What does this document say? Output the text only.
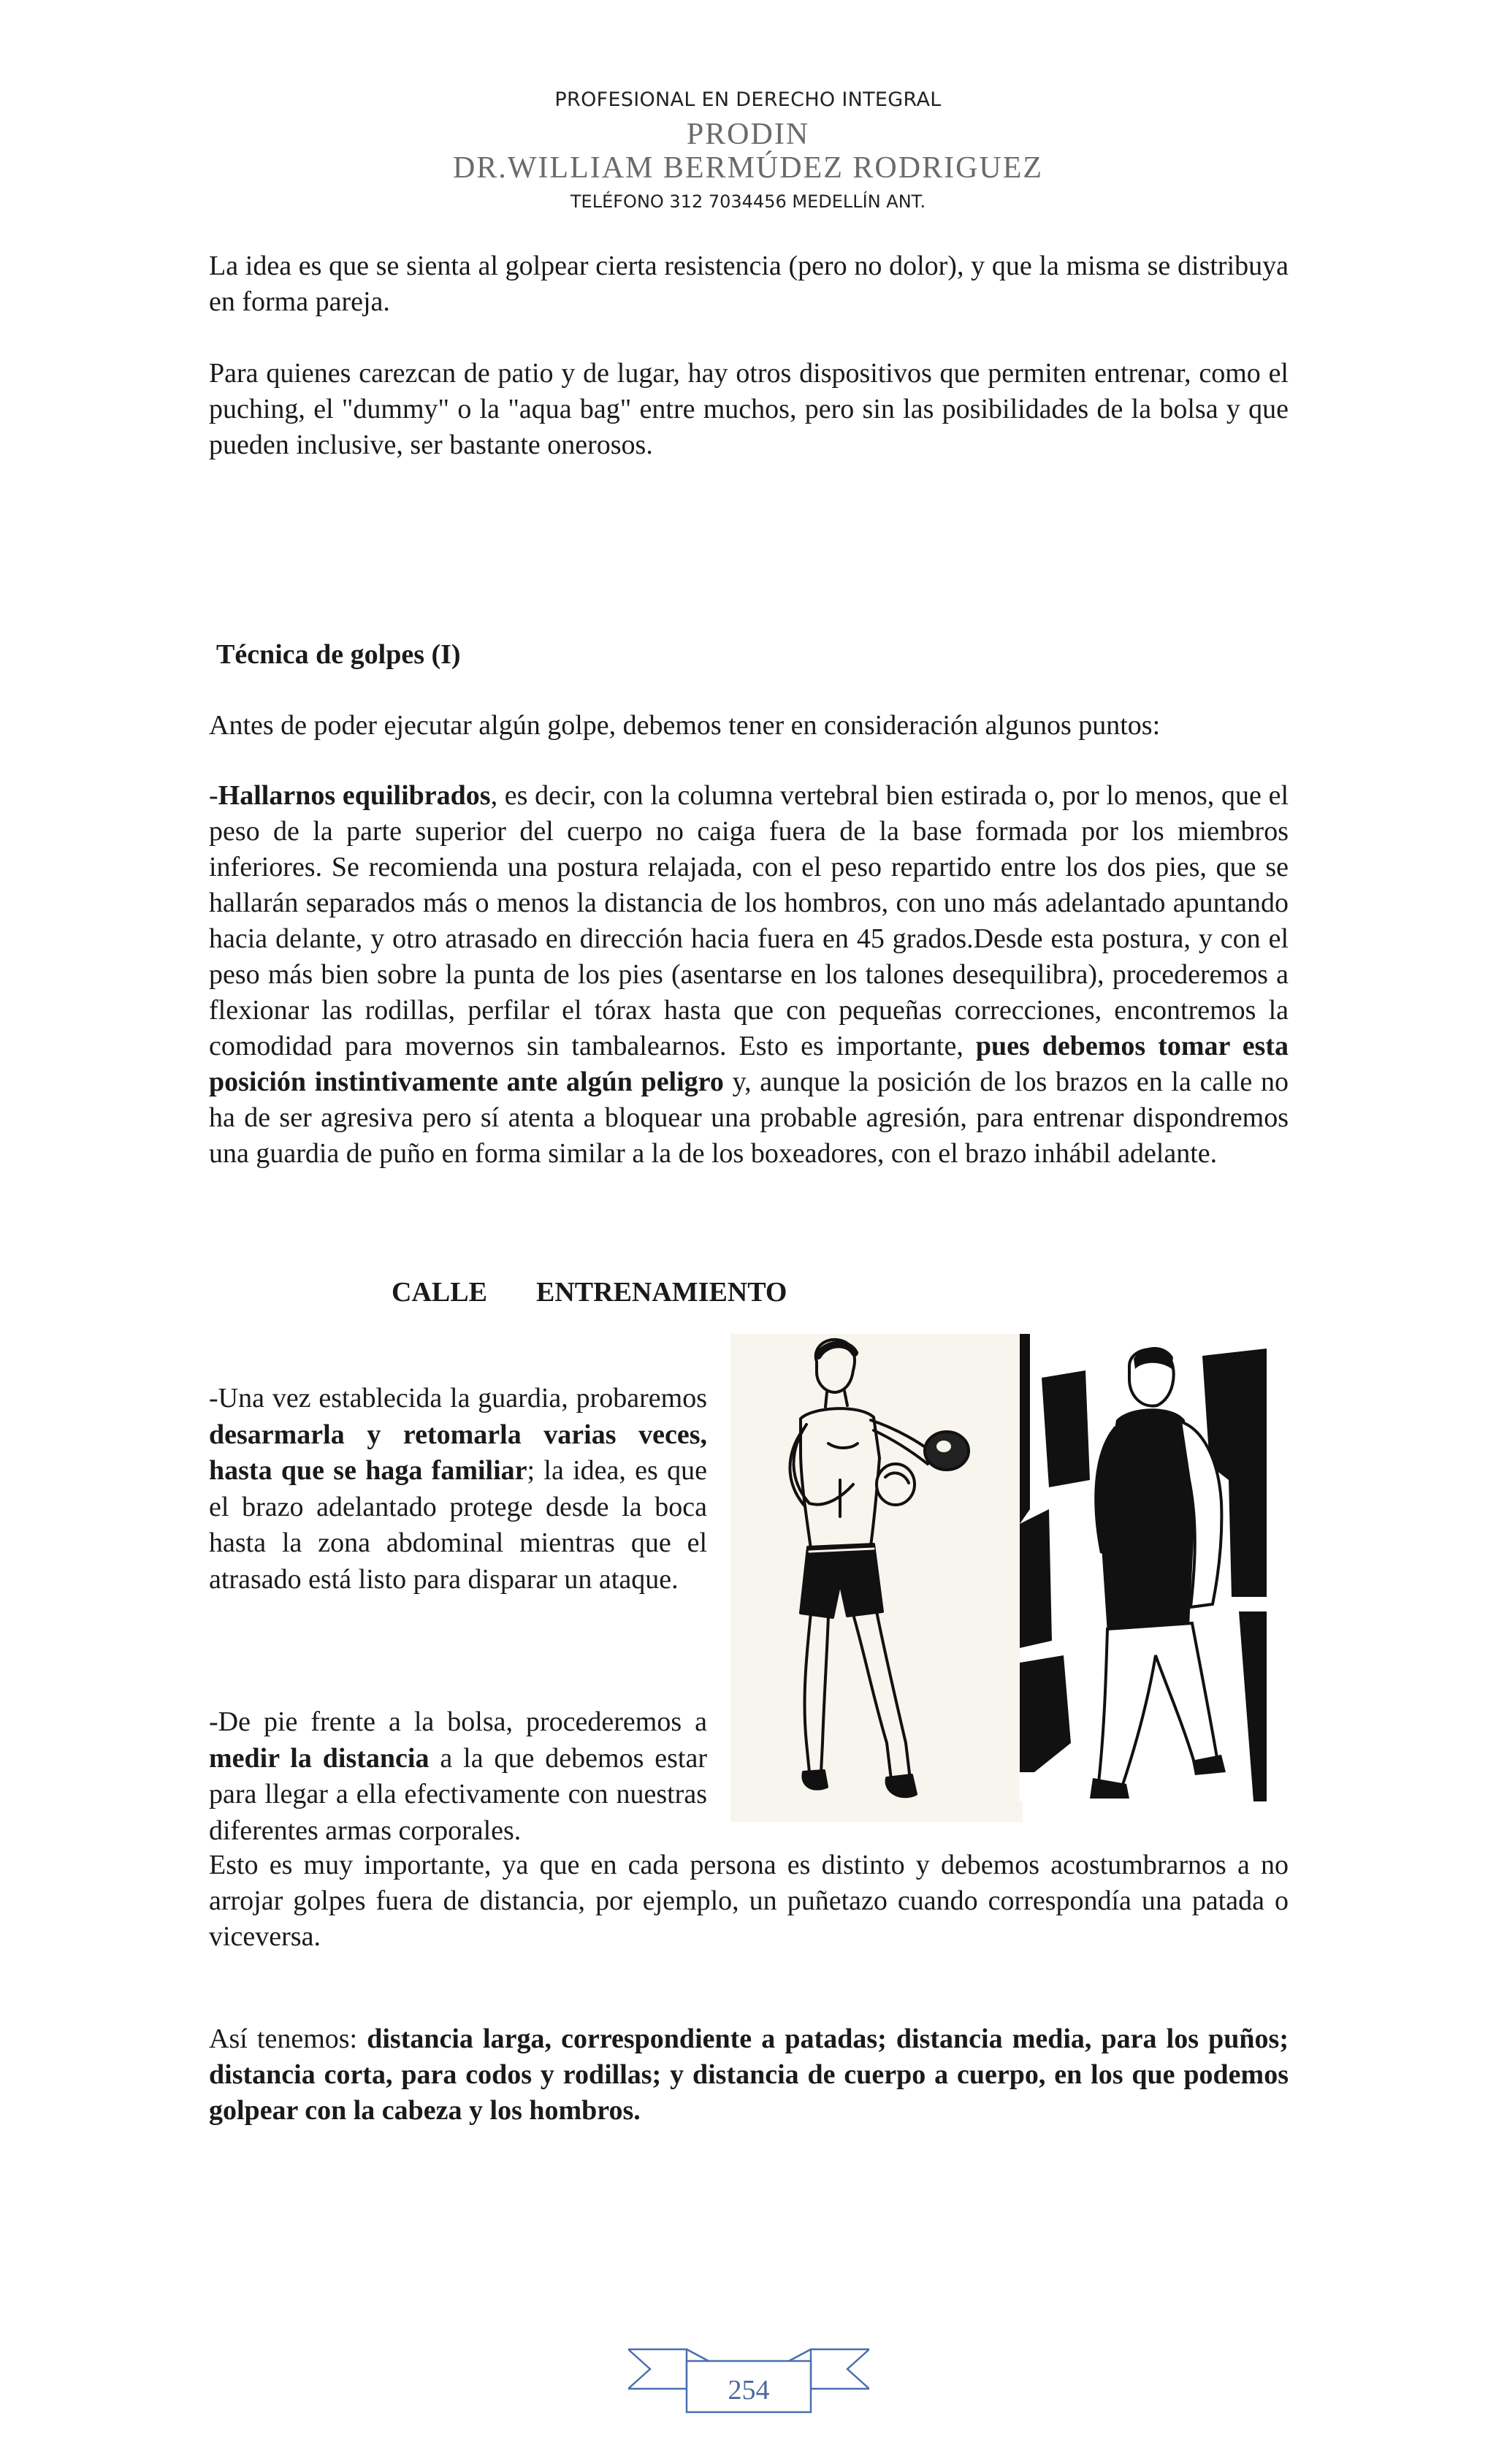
PROFESIONAL EN DERECHO INTEGRAL
PRODIN
DR.WILLIAM BERMÚDEZ RODRIGUEZ
TELÉFONO 312 7034456 MEDELLÍN ANT.

La idea es que se sienta al golpear cierta resistencia (pero no dolor), y que la misma se distribuya en forma pareja.

Para quienes carezcan de patio y de lugar, hay otros dispositivos que permiten entrenar, como el puching, el "dummy" o la "aqua bag" entre muchos, pero sin las posibilidades de la bolsa y que pueden inclusive, ser bastante onerosos.

Técnica de golpes (I)

Antes de poder ejecutar algún golpe, debemos tener en consideración algunos puntos:

-Hallarnos equilibrados, es decir, con la columna vertebral bien estirada o, por lo menos, que el peso de la parte superior del cuerpo no caiga fuera de la base formada por los miembros inferiores. Se recomienda una postura relajada, con el peso repartido entre los dos pies, que se hallarán separados más o menos la distancia de los hombros, con uno más adelantado apuntando hacia delante, y otro atrasado en dirección hacia fuera en 45 grados.Desde esta postura, y con el peso más bien sobre la punta de los pies (asentarse en los talones desequilibra), procederemos a flexionar las rodillas, perfilar el tórax hasta que con pequeñas correcciones, encontremos la comodidad para movernos sin tambalearnos. Esto es importante, pues debemos tomar esta posición instintivamente ante algún peligro y, aunque la posición de los brazos en la calle no ha de ser agresiva pero sí atenta a bloquear una probable agresión, para entrenar dispondremos una guardia de puño en forma similar a la de los boxeadores, con el brazo inhábil adelante.

CALLE ENTRENAMIENTO

-Una vez establecida la guardia, probaremos desarmarla y retomarla varias veces, hasta que se haga familiar; la idea, es que el brazo adelantado protege desde la boca hasta la zona abdominal mientras que el atrasado está listo para disparar un ataque.

-De pie frente a la bolsa, procederemos a medir la distancia a la que debemos estar para llegar a ella efectivamente con nuestras diferentes armas corporales.

Esto es muy importante, ya que en cada persona es distinto y debemos acostumbrarnos a no arrojar golpes fuera de distancia, por ejemplo, un puñetazo cuando correspondía una patada o viceversa.

Así tenemos: distancia larga, correspondiente a patadas; distancia media, para los puños; distancia corta, para codos y rodillas; y distancia de cuerpo a cuerpo, en los que podemos golpear con la cabeza y los hombros.

254
